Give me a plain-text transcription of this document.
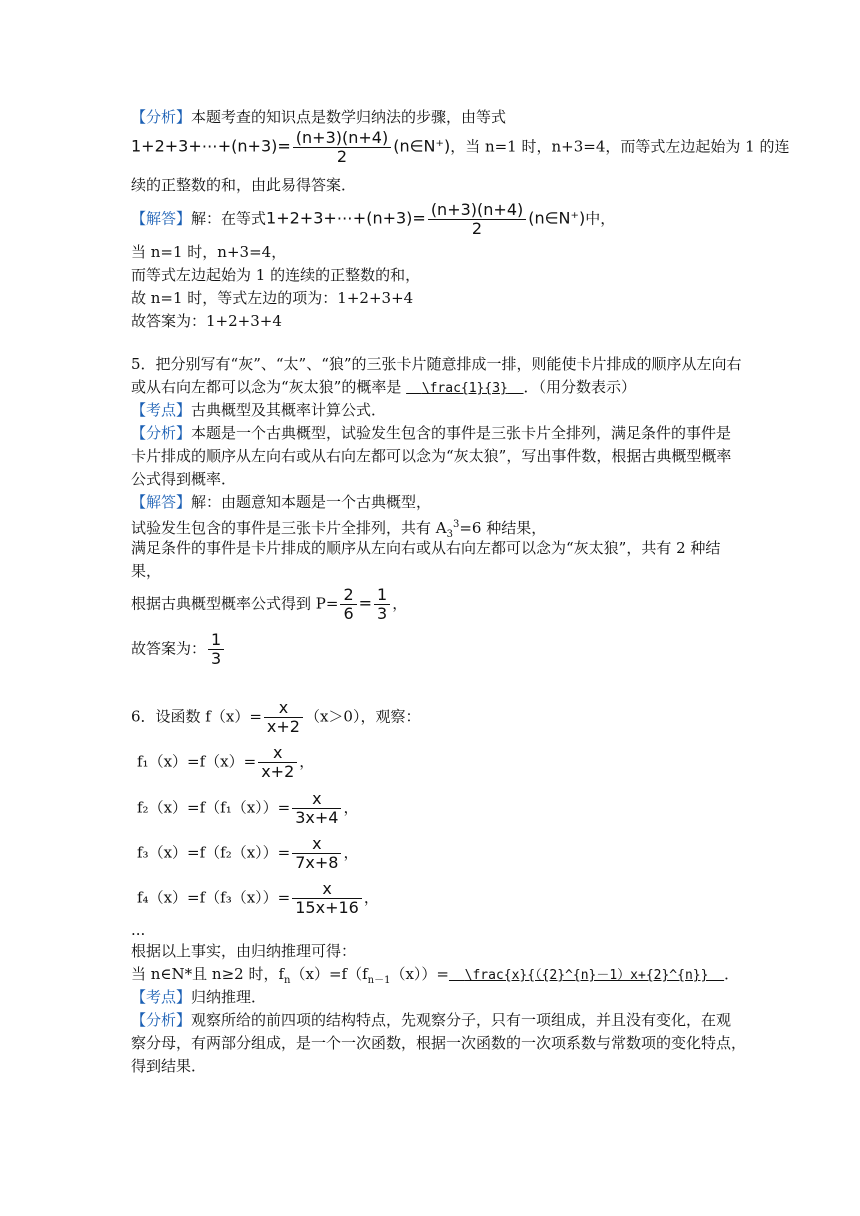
【分析】本题考查的知识点是数学归纳法的步骤，由等式
1+2+3+⋯+(n+3)= $\frac{(n+3)(n+4)}{2}$ (n∈N⁺)，当 n=1 时，n+3=4，而等式左边起始为 1 的连
续的正整数的和，由此易得答案．
【解答】解：在等式1+2+3+⋯+(n+3)= $\frac{(n+3)(n+4)}{2}$ (n∈N⁺)中，
当 n=1 时，n+3=4，
而等式左边起始为 1 的连续的正整数的和，
故 n=1 时，等式左边的项为：1+2+3+4
故答案为：1+2+3+4
5．把分别写有“灰”、“太”、“狼”的三张卡片随意排成一排，则能使卡片排成的顺序从左向右
或从右向左都可以念为“灰太狼”的概率是   \frac{1}{3} ．（用分数表示）
【考点】古典概型及其概率计算公式．
【分析】本题是一个古典概型，试验发生包含的事件是三张卡片全排列，满足条件的事件是
卡片排成的顺序从左向右或从右向左都可以念为“灰太狼”，写出事件数，根据古典概型概率
公式得到概率．
【解答】解：由题意知本题是一个古典概型，
试验发生包含的事件是三张卡片全排列，共有 $A_3^3=6$ 种结果，
满足条件的事件是卡片排成的顺序从左向右或从右向左都可以念为“灰太狼”，共有 2 种结
果，
根据古典概型概率公式得到 $P= \frac{2}{6} = \frac{1}{3}$ ，
故答案为： $\frac{1}{3}$
6．设函数 $f(x)= \frac{x}{x+2} (x>0)$，观察：
$f_1(x)=f(x)= \frac{x}{x+2}$ ，
$f_2(x)=f(f_1(x))= \frac{x}{3x+4}$ ，
$f_3(x)=f(f_2(x))= \frac{x}{7x+8}$ ，
$f_4(x)=f(f_3(x))= \frac{x}{15x+16}$ ，
...
根据以上事实，由归纳推理可得：
当 n∈N*且 n≥2 时，$f_n(x)=f(f_{n-1}(x))=$ \frac{x}{（{2}^{n}－1）x+{2}^{n}} ．
【考点】归纳推理．
【分析】观察所给的前四项的结构特点，先观察分子，只有一项组成，并且没有变化，在观
察分母，有两部分组成，是一个一次函数，根据一次函数的一次项系数与常数项的变化特点，
得到结果．
